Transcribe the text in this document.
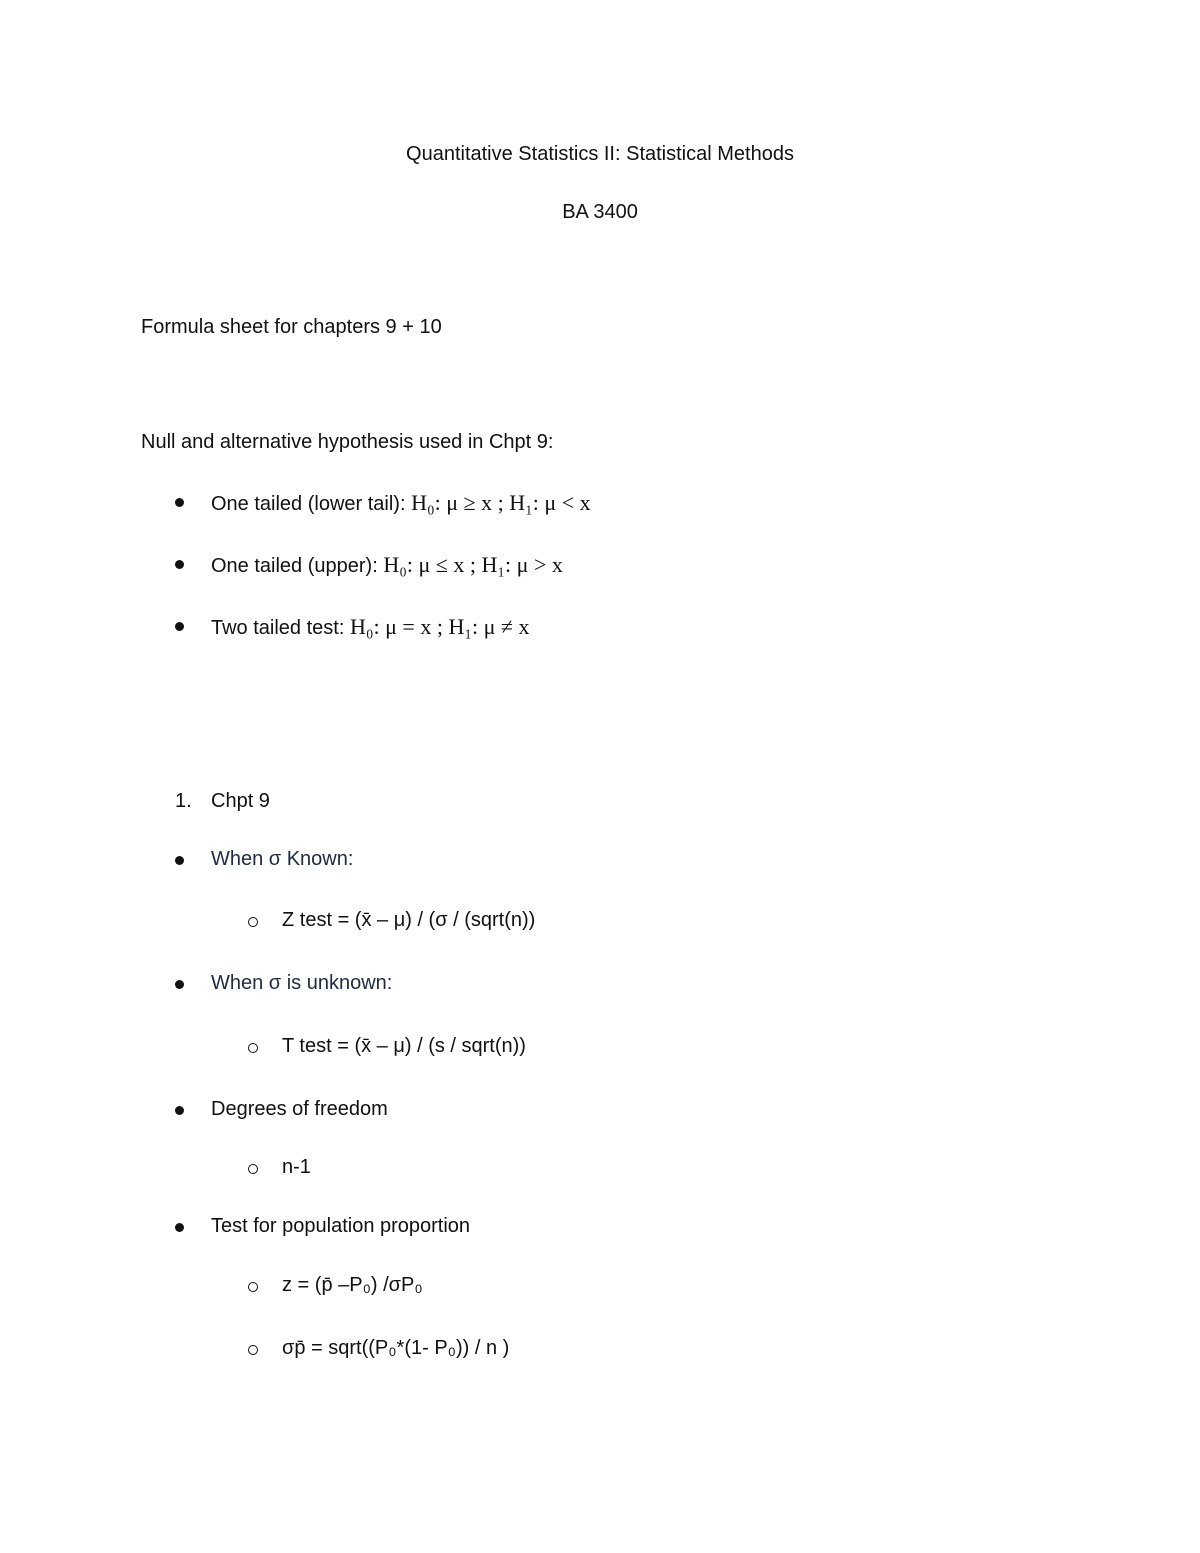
Quantitative Statistics II: Statistical Methods
BA 3400
Formula sheet for chapters 9 + 10
Null and alternative hypothesis used in Chpt 9:
One tailed (lower tail): H₀: μ ≥ x ; H₁: μ < x
One tailed (upper): H₀: μ ≤ x ; H₁: μ > x
Two tailed test: H₀: μ = x ; H₁: μ ≠ x
1. Chpt 9
When σ Known:
Z test = (x̄ – μ) / (σ / (sqrt(n))
When σ is unknown:
T test = (x̄ – μ) / (s / sqrt(n))
Degrees of freedom
n-1
Test for population proportion
z = (p̄ –P₀) /σP₀
σp̄ = sqrt((P₀*(1- P₀)) / n )
